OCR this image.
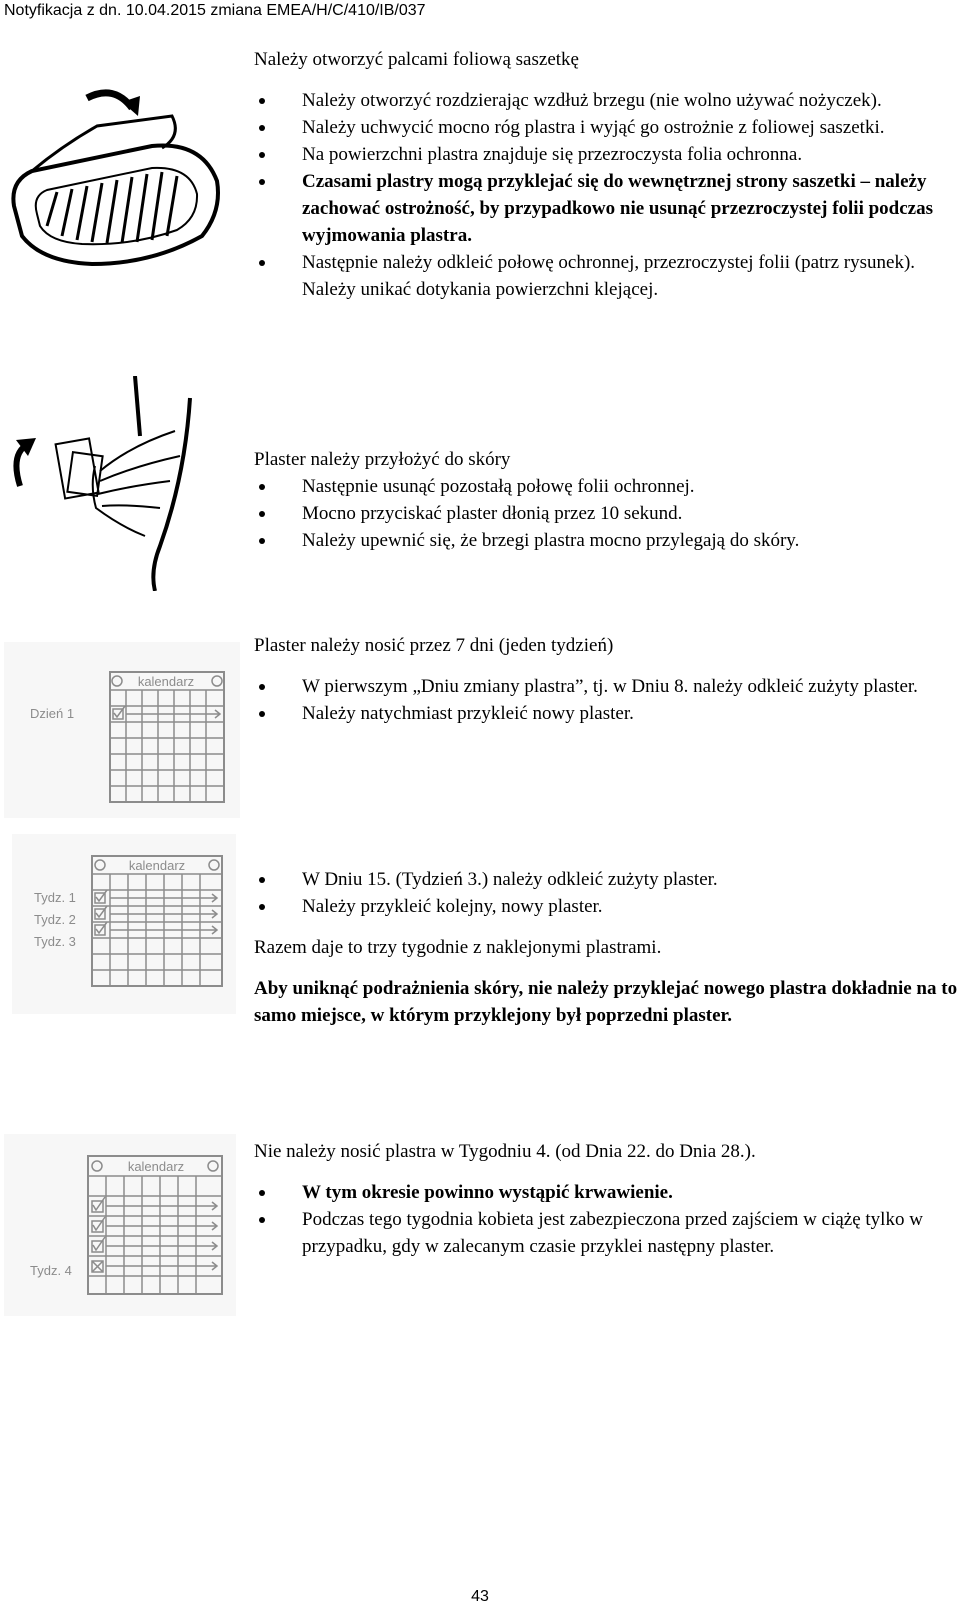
Notyfikacja z dn. 10.04.2015 zmiana EMEA/H/C/410/IB/037

Należy otworzyć palcami foliową saszetkę

Należy otworzyć rozdzierając wzdłuż brzegu (nie wolno używać nożyczek).
Należy uchwycić mocno róg plastra i wyjąć go ostrożnie z foliowej saszetki.
Na powierzchni plastra znajduje się przezroczysta folia ochronna.
Czasami plastry mogą przyklejać się do wewnętrznej strony saszetki – należy zachować ostrożność, by przypadkowo nie usunąć przezroczystej folii podczas wyjmowania plastra.
Następnie należy odkleić połowę ochronnej, przezroczystej folii (patrz rysunek).

Należy unikać dotykania powierzchni klejącej.

Plaster należy przyłożyć do skóry

Następnie usunąć pozostałą połowę folii ochronnej.
Mocno przyciskać plaster dłonią przez 10 sekund.
Należy upewnić się, że brzegi plastra mocno przylegają do skóry.
kalendarz
Dzień 1

Plaster należy nosić przez 7 dni (jeden tydzień)

W pierwszym „Dniu zmiany plastra”, tj. w Dniu 8. należy odkleić zużyty plaster.
Należy natychmiast przykleić nowy plaster.
kalendarz
Tydz. 1
Tydz. 2
Tydz. 3
W Dniu 15. (Tydzień 3.) należy odkleić zużyty plaster.
Należy przykleić kolejny, nowy plaster.

Razem daje to trzy tygodnie z naklejonymi plastrami.

Aby uniknąć podrażnienia skóry, nie należy przyklejać nowego plastra dokładnie na to samo miejsce, w którym przyklejony był poprzedni plaster.

kalendarz
Tydz. 4

Nie należy nosić plastra w Tygodniu 4. (od Dnia 22. do Dnia 28.).

W tym okresie powinno wystąpić krwawienie.
Podczas tego tygodnia kobieta jest zabezpieczona przed zajściem w ciążę tylko w przypadku, gdy w zalecanym czasie przyklei następny plaster.
43
